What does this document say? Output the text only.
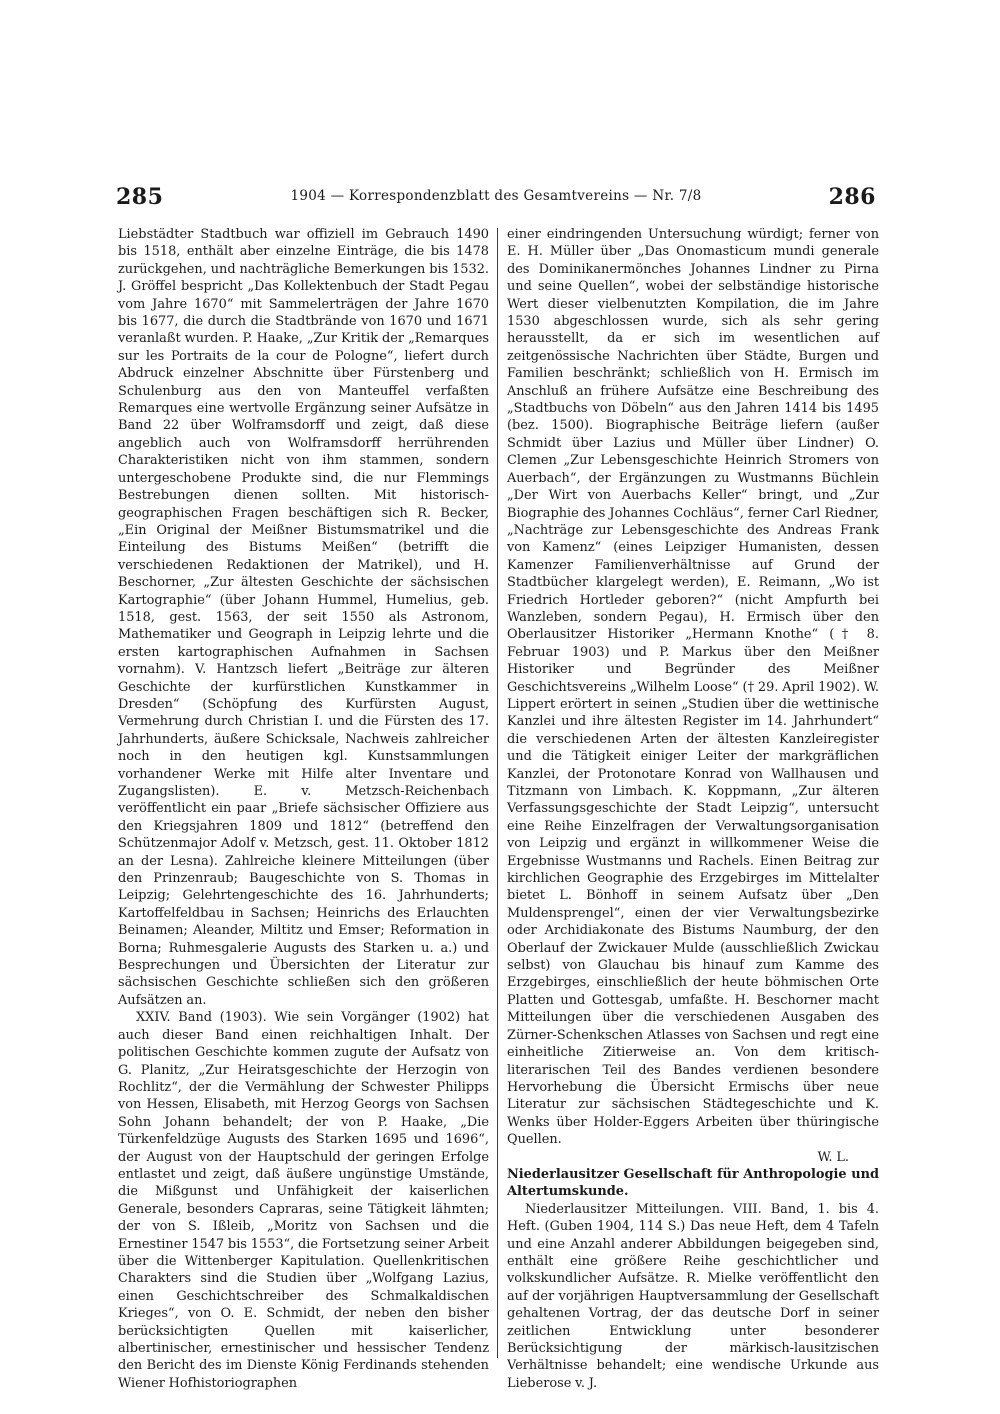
285	1904 — Korrespondenzblatt des Gesamtvereins — Nr. 7/8	286

Liebstädter Stadtbuch war offiziell im Gebrauch 1490 bis 1518, enthält aber einzelne Einträge, die bis 1478 zurückgehen, und nachträgliche Bemerkungen bis 1532. J. Gröffel bespricht „Das Kollektenbuch der Stadt Pegau vom Jahre 1670“ mit Sammelerträgen der Jahre 1670 bis 1677, die durch die Stadtbrände von 1670 und 1671 veranlaßt wurden. P. Haake, „Zur Kritik der „Remarques sur les Portraits de la cour de Pologne“, liefert durch Abdruck einzelner Abschnitte über Fürstenberg und Schulenburg aus den von Manteuffel verfaßten Remarques eine wertvolle Ergänzung seiner Aufsätze in Band 22 über Wolframsdorff und zeigt, daß diese angeblich auch von Wolframsdorff herrührenden Charakteristiken nicht von ihm stammen, sondern untergeschobene Produkte sind, die nur Flemmings Bestrebungen dienen sollten. Mit historisch-geographischen Fragen beschäftigen sich R. Becker, „Ein Original der Meißner Bistumsmatrikel und die Einteilung des Bistums Meißen“ (betrifft die verschiedenen Redaktionen der Matrikel), und H. Beschorner, „Zur ältesten Geschichte der sächsischen Kartographie“ (über Johann Hummel, Humelius, geb. 1518, gest. 1563, der seit 1550 als Astronom, Mathematiker und Geograph in Leipzig lehrte und die ersten kartographischen Aufnahmen in Sachsen vornahm). V. Hantzsch liefert „Beiträge zur älteren Geschichte der kurfürstlichen Kunstkammer in Dresden“ (Schöpfung des Kurfürsten August, Vermehrung durch Christian I. und die Fürsten des 17. Jahrhunderts, äußere Schicksale, Nachweis zahlreicher noch in den heutigen kgl. Kunstsammlungen vorhandener Werke mit Hilfe alter Inventare und Zugangslisten). E. v. Metzsch-Reichenbach veröffentlicht ein paar „Briefe sächsischer Offiziere aus den Kriegsjahren 1809 und 1812“ (betreffend den Schützenmajor Adolf v. Metzsch, gest. 11. Oktober 1812 an der Lesna). Zahlreiche kleinere Mitteilungen (über den Prinzenraub; Baugeschichte von S. Thomas in Leipzig; Gelehrtengeschichte des 16. Jahrhunderts; Kartoffelfeldbau in Sachsen; Heinrichs des Erlauchten Beinamen; Aleander, Miltitz und Emser; Reformation in Borna; Ruhmesgalerie Augusts des Starken u. a.) und Besprechungen und Übersichten der Literatur zur sächsischen Geschichte schließen sich den größeren Aufsätzen an.

XXIV. Band (1903). Wie sein Vorgänger (1902) hat auch dieser Band einen reichhaltigen Inhalt. Der politischen Geschichte kommen zugute der Aufsatz von G. Planitz, „Zur Heiratsgeschichte der Herzogin von Rochlitz“, der die Vermählung der Schwester Philipps von Hessen, Elisabeth, mit Herzog Georgs von Sachsen Sohn Johann behandelt; der von P. Haake, „Die Türkenfeldzüge Augusts des Starken 1695 und 1696“, der August von der Hauptschuld der geringen Erfolge entlastet und zeigt, daß äußere ungünstige Umstände, die Mißgunst und Unfähigkeit der kaiserlichen Generale, besonders Capraras, seine Tätigkeit lähmten; der von S. Ißleib, „Moritz von Sachsen und die Ernestiner 1547 bis 1553“, die Fortsetzung seiner Arbeit über die Wittenberger Kapitulation. Quellenkritischen Charakters sind die Studien über „Wolfgang Lazius, einen Geschichtschreiber des Schmalkaldischen Krieges“, von O. E. Schmidt, der neben den bisher berücksichtigten Quellen mit kaiserlicher, albertinischer, ernestinischer und hessischer Tendenz den Bericht des im Dienste König Ferdinands stehenden Wiener Hofhistoriographen

einer eindringenden Untersuchung würdigt; ferner von E. H. Müller über „Das Onomasticum mundi generale des Dominikanermönches Johannes Lindner zu Pirna und seine Quellen“, wobei der selbständige historische Wert dieser vielbenutzten Kompilation, die im Jahre 1530 abgeschlossen wurde, sich als sehr gering herausstellt, da er sich im wesentlichen auf zeitgenössische Nachrichten über Städte, Burgen und Familien beschränkt; schließlich von H. Ermisch im Anschluß an frühere Aufsätze eine Beschreibung des „Stadtbuchs von Döbeln“ aus den Jahren 1414 bis 1495 (bez. 1500). Biographische Beiträge liefern (außer Schmidt über Lazius und Müller über Lindner) O. Clemen „Zur Lebensgeschichte Heinrich Stromers von Auerbach“, der Ergänzungen zu Wustmanns Büchlein „Der Wirt von Auerbachs Keller“ bringt, und „Zur Biographie des Johannes Cochläus“, ferner Carl Riedner, „Nachträge zur Lebensgeschichte des Andreas Frank von Kamenz“ (eines Leipziger Humanisten, dessen Kamenzer Familienverhältnisse auf Grund der Stadtbücher klargelegt werden), E. Reimann, „Wo ist Friedrich Hortleder geboren?“ (nicht Ampfurth bei Wanzleben, sondern Pegau), H. Ermisch über den Oberlausitzer Historiker „Hermann Knothe“ († 8. Februar 1903) und P. Markus über den Meißner Historiker und Begründer des Meißner Geschichtsvereins „Wilhelm Loose“ († 29. April 1902). W. Lippert erörtert in seinen „Studien über die wettinische Kanzlei und ihre ältesten Register im 14. Jahrhundert“ die verschiedenen Arten der ältesten Kanzleiregister und die Tätigkeit einiger Leiter der markgräflichen Kanzlei, der Protonotare Konrad von Wallhausen und Titzmann von Limbach. K. Koppmann, „Zur älteren Verfassungsgeschichte der Stadt Leipzig“, untersucht eine Reihe Einzelfragen der Verwaltungsorganisation von Leipzig und ergänzt in willkommener Weise die Ergebnisse Wustmanns und Rachels. Einen Beitrag zur kirchlichen Geographie des Erzgebirges im Mittelalter bietet L. Bönhoff in seinem Aufsatz über „Den Muldensprengel“, einen der vier Verwaltungsbezirke oder Archidiakonate des Bistums Naumburg, der den Oberlauf der Zwickauer Mulde (ausschließlich Zwickau selbst) von Glauchau bis hinauf zum Kamme des Erzgebirges, einschließlich der heute böhmischen Orte Platten und Gottesgab, umfaßte. H. Beschorner macht Mitteilungen über die verschiedenen Ausgaben des Zürner-Schenkschen Atlasses von Sachsen und regt eine einheitliche Zitierweise an. Von dem kritisch-literarischen Teil des Bandes verdienen besondere Hervorhebung die Übersicht Ermischs über neue Literatur zur sächsischen Städtegeschichte und K. Wenks über Holder-Eggers Arbeiten über thüringische Quellen.

W. L.

Niederlausitzer Gesellschaft für Anthropologie und Altertumskunde.

Niederlausitzer Mitteilungen. VIII. Band, 1. bis 4. Heft. (Guben 1904, 114 S.) Das neue Heft, dem 4 Tafeln und eine Anzahl anderer Abbildungen beigegeben sind, enthält eine größere Reihe geschichtlicher und volkskundlicher Aufsätze. R. Mielke veröffentlicht den auf der vorjährigen Hauptversammlung der Gesellschaft gehaltenen Vortrag, der das deutsche Dorf in seiner zeitlichen Entwicklung unter besonderer Berücksichtigung der märkisch-lausitzischen Verhältnisse behandelt; eine wendische Urkunde aus Lieberose v. J.
